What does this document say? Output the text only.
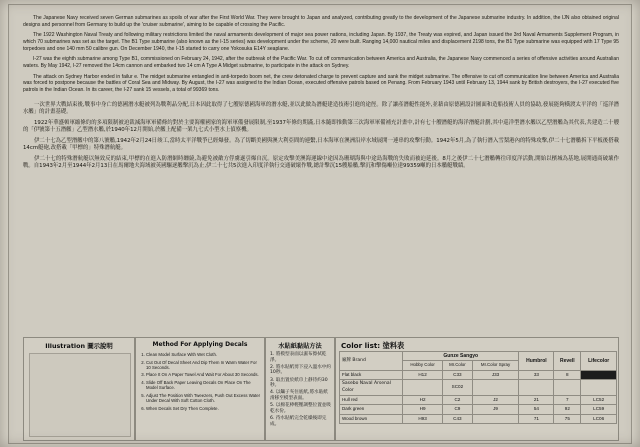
The Japanese Navy received seven German submarines as spoils of war after the First World War. They were brought to Japan and analyzed, contributing greatly to the development of the Japanese submarine industry. In addition, the IJN also obtained original designs and personnel from Germany to build up the 'cruiser submarine', aiming to be capable of crossing the Pacific.

The 1922 Washington Naval Treaty and following military restrictions limited the naval armaments development of major sea power nations, including Japan. By 1937, the Treaty was expired, and Japan issued the 3rd Naval Armaments Supplement Program, in which 70 submarines was set as the target. The B1 Type submarine (also known as the I-15 series) was development under the scheme, 20 were built. Ranging 14,000 nautical miles and displacement 2198 tons, the B1 Type submarine was equipped with 17 Type 95 torpedoes and one 140 mm 50 calibre gun. On December 1940, the I-15 started to carry one Yokosuka E14Y seaplane.

I-27 was the eighth submarine among Type B1, commissioned on February 24, 1942, after the outbreak of the Pacific War. To cut off communication between America and Australia, the Japanese Navy commenced a series of offensive activities around Australian waters. By May 1942, I-27 removed the 14cm cannon and embarked two 14 cm A Type A Midget submarine, to participate in the attack on Sydney.

The attack on Sydney Harbor ended in failur e. The midget submarine entangled in anti-torpedo boom net, the crew detonated charge to prevent capture and sank the midget submarine. The offensive to cut off communication line between America and Australia was forced to postpone because the battles of Coral Sea and Midway. By August, the I-27 was assigned to the Indian Ocean, executed offensive patrols based on Penang. From February 1943 until February 13, 1944 sank by British destroyers, the I-27 executed five patrols in the Indian Ocean. In its career, the I-27 sank 15 vessels, a total of 99369 tons.

一次世界大戰結束後,戰事中身亡的德國潛水艇被列為戰利品分配,日本因此取得了七艘原德國海軍的潛水艇,並以此做為潛艇建造技術引進的途徑。除了讓產潛艇性能外,並藉由原德國設計圖面和造船技術人員的協助,發展能夠橫渡太平洋的「巡洋潛水艦」的計畫基礎。

1922年華盛頓軍縮條約的多項限制被迫裁減海軍軍備條約對於主要海權國家的海軍軍備發展限制,至1937年條約期滿,日本隨即推動第三次海軍軍備補充計畫中,計有七十艘潛艇的海洋潛艇計劃,其中巡洋型潛水艦以乙型潛艦為其代表,共建造二十艘的「伊號第十五潛艦」乙型潛水艦,於1940年12月開始,於艦上配備一架九七式小型水上偵察機。

伊二十七為乙型潛艦中的第八號艦,1942年2月24日竣工,當時太平洋戰爭已經爆發。為了切斷美國與澳大利亞間的連繫,日本海軍在澳洲沿岸水域展開一連串的攻擊行動。1942年5月,為了執行潛入雪梨港內的特殊攻擊,伊二十七潛艦拆下平板後搭載14cm艇砲,改搭載「甲標的」特殊潛航艇。

伊二十七的特殊潛航艇以無效反的結束,甲標的在進入防潛網時纏繞,為避免被敵方俘虜遂引爆自沉。原定攻擊美澳海運線中途因為珊瑚海與中途島海戰的失敗而被迫延後。8月之後伊二十七潛艦轉往印度洋活動,開始以檳城為基地,展開通商破壞作戰。自1943年2月至1944年2月13日在馬爾地夫海域被英國驅逐艦擊沉為止,伊二十七共5次進入印度洋執行交通破壞作戰,總計擊沉15艘船艦,擊沉和擊傷噸位達99359噸的日本艦艇戰績。

Illustration 圖示說明	Method For Applying Decals
1. Clean Model Surface With Wet Cloth.
2. Cut Out Of Decal Sheet And Dip Them In Warm Water For 10 Seconds.
3. Place It On A Paper Towel And Wait For About 30 Seconds.
4. Slide Off Back Paper Leaving Decals On Place On The Model Surface.
5. Adjust The Position With Tweezers, Push Out Excess Water Under Decal With Soft Cotton Cloth.
6. When Decals Set Dry Then Complete.
水貼紙黏貼方法
1. 將模型表面以濕布擦拭乾淨。
2. 將水貼紙剪下浸入溫水中約10秒。
3. 取出置於紙巾上靜待約30秒。
4. 以鑷子夾住底紙,將水貼紙滑移至模型表面。
5. 以棉花棒輕壓調整位置並吸乾水份。
6. 待水貼紙完全乾燥後即完成。
Color list: 塗料表
廠牌 Brand	Gunze Sangyo			Humbrol	Revell	Lifecolor
	Hobby Color	Mr.Color	Mr.Color Spray			
Flat black	H12	C33	J33	33	8	
Sasebo Naval Arsenal Color		SC02				
Hull red	H2	C2	J2	21	7	LC52
Dark green	H9	C9	J9	54	92	LC59
Wood brown	H93	C43		71	75	LC06
